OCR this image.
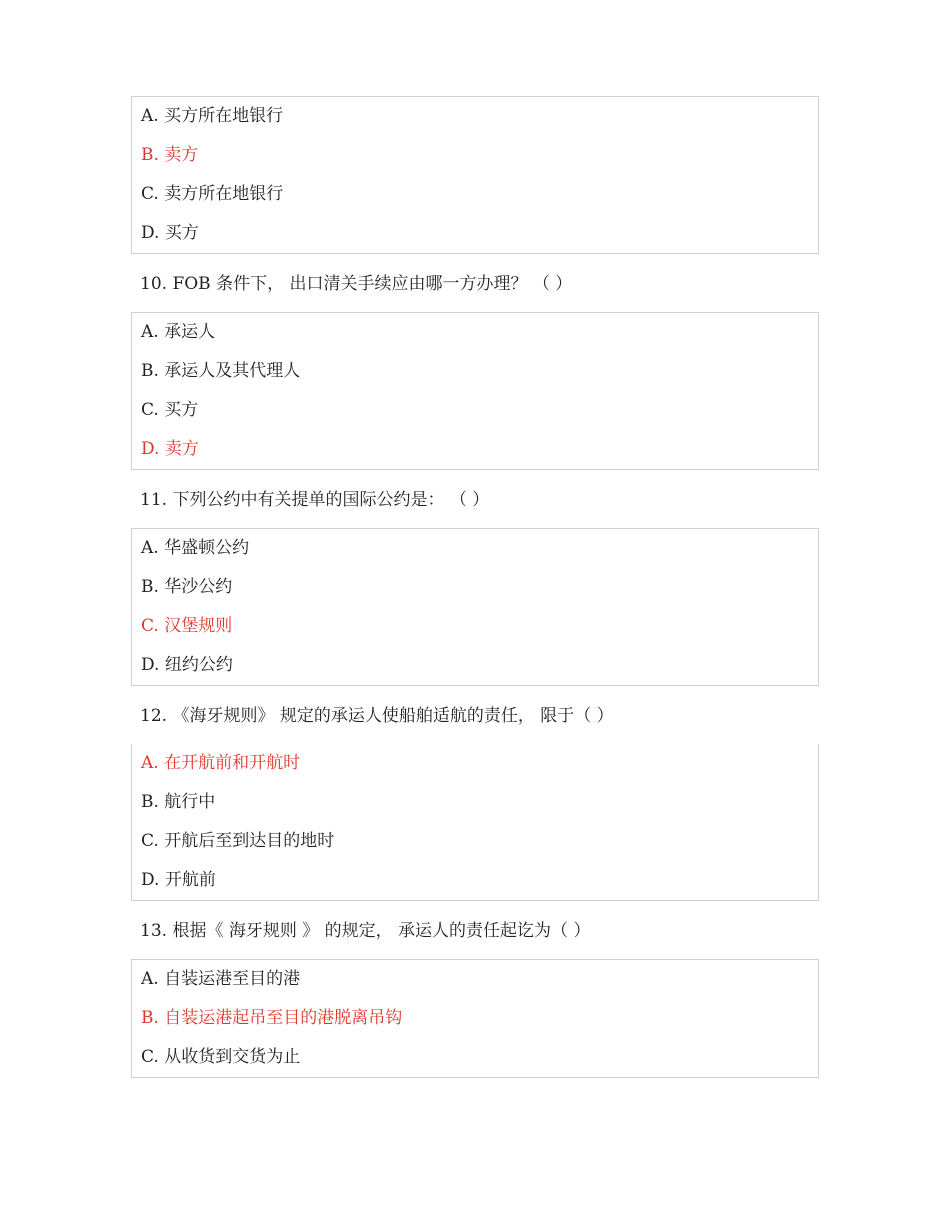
A. 买方所在地银行
B. 卖方
C. 卖方所在地银行
D. 买方
10. FOB 条件下， 出口清关手续应由哪一方办理？ （ ）
A. 承运人
B. 承运人及其代理人
C. 买方
D. 卖方
11. 下列公约中有关提单的国际公约是： （ ）
A. 华盛顿公约
B. 华沙公约
C. 汉堡规则
D. 纽约公约
12. 《海牙规则》 规定的承运人使船舶适航的责任， 限于（ ）
A. 在开航前和开航时
B. 航行中
C. 开航后至到达目的地时
D. 开航前
13. 根据《 海牙规则 》 的规定， 承运人的责任起讫为（ ）
A. 自装运港至目的港
B. 自装运港起吊至目的港脱离吊钩
C. 从收货到交货为止
